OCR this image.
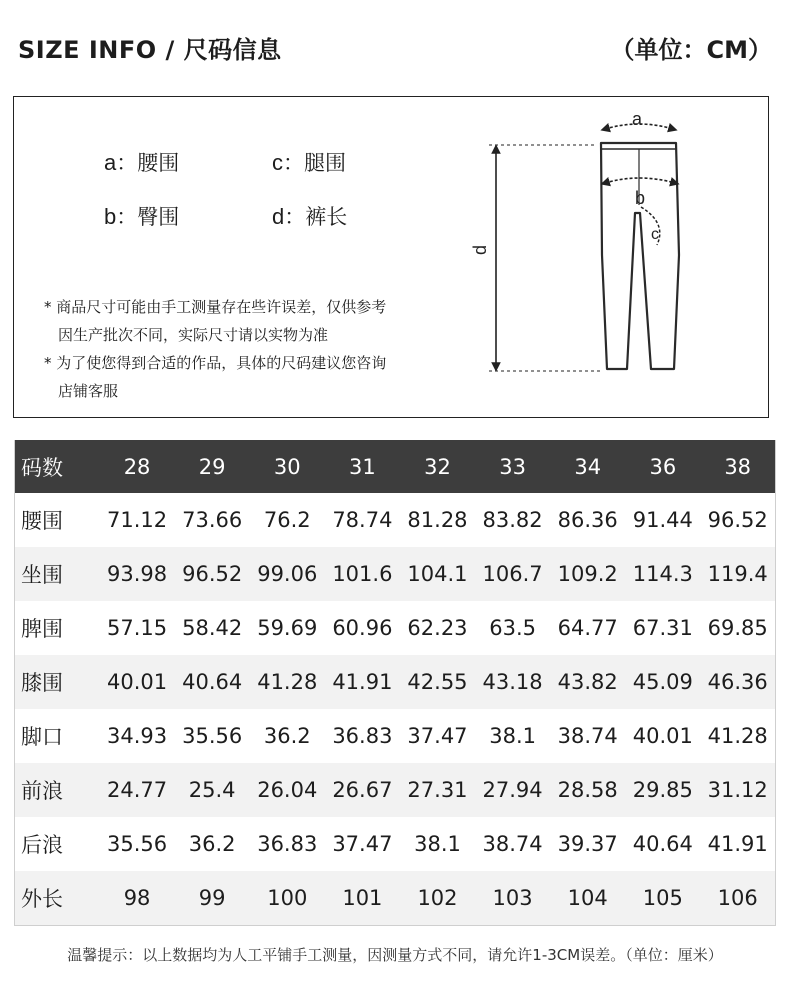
SIZE INFO / 尺码信息	（单位：CM）
a：腰围	c：腿围
b：臀围	d：裤长
* 商品尺寸可能由手工测量存在些许误差，仅供参考
因生产批次不同，实际尺寸请以实物为准
* 为了使您得到合适的作品，具体的尺码建议您咨询
店铺客服
a
b
c
d
码数	28	29	30	31	32	33	34	36	38
腰围	71.12	73.66	76.2	78.74	81.28	83.82	86.36	91.44	96.52
坐围	93.98	96.52	99.06	101.6	104.1	106.7	109.2	114.3	119.4
脾围	57.15	58.42	59.69	60.96	62.23	63.5	64.77	67.31	69.85
膝围	40.01	40.64	41.28	41.91	42.55	43.18	43.82	45.09	46.36
脚口	34.93	35.56	36.2	36.83	37.47	38.1	38.74	40.01	41.28
前浪	24.77	25.4	26.04	26.67	27.31	27.94	28.58	29.85	31.12
后浪	35.56	36.2	36.83	37.47	38.1	38.74	39.37	40.64	41.91
外长	98	99	100	101	102	103	104	105	106
温馨提示：以上数据均为人工平铺手工测量，因测量方式不同，请允许1-3CM误差。（单位：厘米）
